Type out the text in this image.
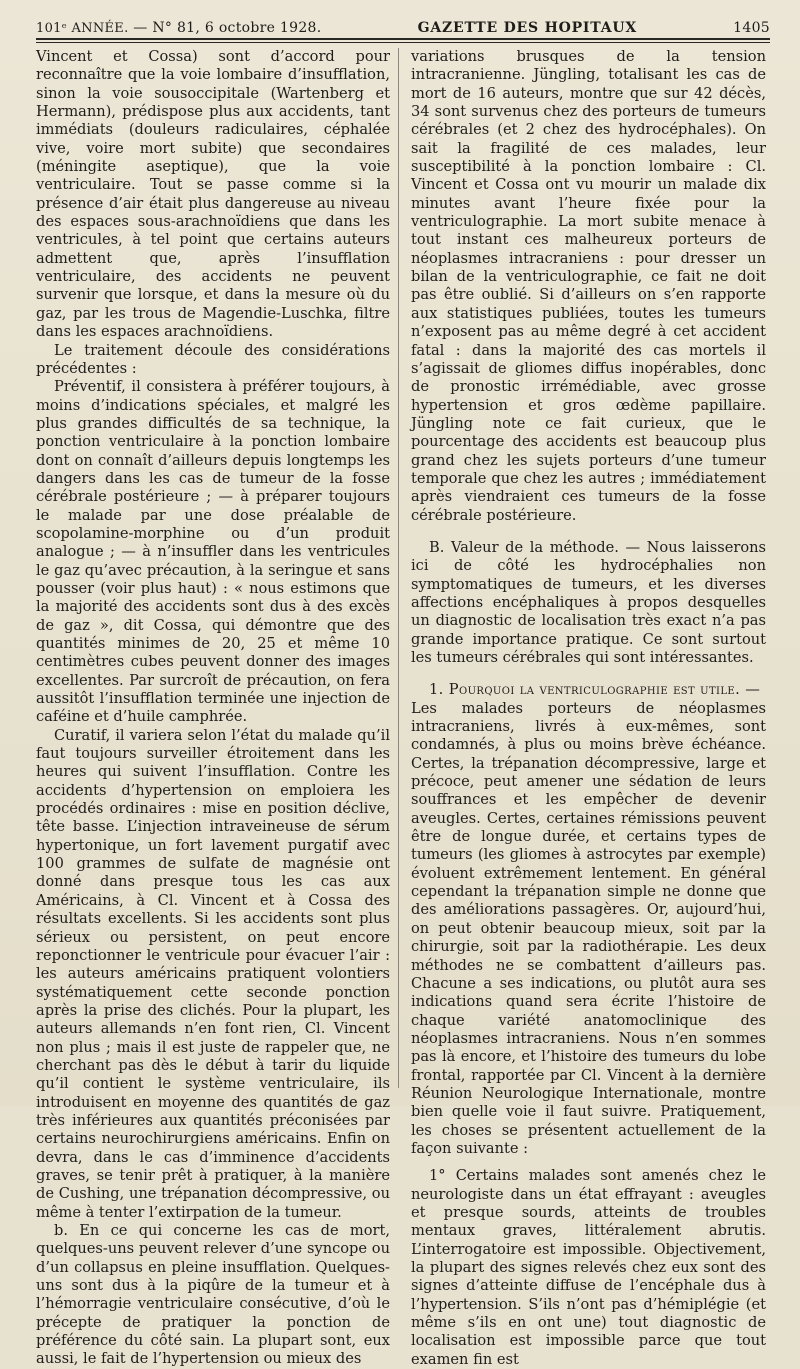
101ᵉ ANNÉE. — N° 81, 6 octobre 1928.	GAZETTE DES HOPITAUX	1405

Vincent et Cossa) sont d’accord pour reconnaître que la voie lombaire d’insufflation, sinon la voie sousoccipitale (Wartenberg et Hermann), prédispose plus aux accidents, tant immédiats (douleurs radiculaires, céphalée vive, voire mort subite) que secondaires (méningite aseptique), que la voie ventriculaire. Tout se passe comme si la présence d’air était plus dangereuse au niveau des espaces sous-arachnoïdiens que dans les ventricules, à tel point que certains auteurs admettent que, après l’insufflation ventriculaire, des accidents ne peuvent survenir que lorsque, et dans la mesure où du gaz, par les trous de Magendie-Luschka, filtre dans les espaces arachnoïdiens.

Le traitement découle des considérations précédentes :

Préventif, il consistera à préférer toujours, à moins d’indications spéciales, et malgré les plus grandes difficultés de sa technique, la ponction ventriculaire à la ponction lombaire dont on connaît d’ailleurs depuis longtemps les dangers dans les cas de tumeur de la fosse cérébrale postérieure ; — à préparer toujours le malade par une dose préalable de scopolamine-morphine ou d’un produit analogue ; — à n’insuffler dans les ventricules le gaz qu’avec précaution, à la seringue et sans pousser (voir plus haut) : « nous estimons que la majorité des accidents sont dus à des excès de gaz », dit Cossa, qui démontre que des quantités minimes de 20, 25 et même 10 centimètres cubes peuvent donner des images excellentes. Par surcroît de précaution, on fera aussitôt l’insufflation terminée une injection de caféine et d’huile camphrée.

Curatif, il variera selon l’état du malade qu’il faut toujours surveiller étroitement dans les heures qui suivent l’insufflation. Contre les accidents d’hypertension on emploiera les procédés ordinaires : mise en position déclive, tête basse. L’injection intraveineuse de sérum hypertonique, un fort lavement purgatif avec 100 grammes de sulfate de magnésie ont donné dans presque tous les cas aux Américains, à Cl. Vincent et à Cossa des résultats excellents. Si les accidents sont plus sérieux ou persistent, on peut encore reponctionner le ventricule pour évacuer l’air : les auteurs américains pratiquent volontiers systématiquement cette seconde ponction après la prise des clichés. Pour la plupart, les auteurs allemands n’en font rien, Cl. Vincent non plus ; mais il est juste de rappeler que, ne cherchant pas dès le début à tarir du liquide qu’il contient le système ventriculaire, ils introduisent en moyenne des quantités de gaz très inférieures aux quantités préconisées par certains neurochirurgiens américains. Enfin on devra, dans le cas d’imminence d’accidents graves, se tenir prêt à pratiquer, à la manière de Cushing, une trépanation décompressive, ou même à tenter l’extirpation de la tumeur.

b. En ce qui concerne les cas de mort, quelques-uns peuvent relever d’une syncope ou d’un collapsus en pleine insufflation. Quelques-uns sont dus à la piqûre de la tumeur et à l’hémorragie ventriculaire consécutive, d’où le précepte de pratiquer la ponction de préférence du côté sain. La plupart sont, eux aussi, le fait de l’hypertension ou mieux des

variations brusques de la tension intracranienne. Jüngling, totalisant les cas de mort de 16 auteurs, montre que sur 42 décès, 34 sont survenus chez des porteurs de tumeurs cérébrales (et 2 chez des hydrocéphales). On sait la fragilité de ces malades, leur susceptibilité à la ponction lombaire : Cl. Vincent et Cossa ont vu mourir un malade dix minutes avant l’heure fixée pour la ventriculographie. La mort subite menace à tout instant ces malheureux porteurs de néoplasmes intracraniens : pour dresser un bilan de la ventriculographie, ce fait ne doit pas être oublié. Si d’ailleurs on s’en rapporte aux statistiques publiées, toutes les tumeurs n’exposent pas au même degré à cet accident fatal : dans la majorité des cas mortels il s’agissait de gliomes diffus inopérables, donc de pronostic irrémédiable, avec grosse hypertension et gros œdème papillaire. Jüngling note ce fait curieux, que le pourcentage des accidents est beaucoup plus grand chez les sujets porteurs d’une tumeur temporale que chez les autres ; immédiatement après viendraient ces tumeurs de la fosse cérébrale postérieure.

B. Valeur de la méthode. — Nous laisserons ici de côté les hydrocéphalies non symptomatiques de tumeurs, et les diverses affections encéphaliques à propos desquelles un diagnostic de localisation très exact n’a pas grande importance pratique. Ce sont surtout les tumeurs cérébrales qui sont intéressantes.

1. Pourquoi la ventriculographie est utile. —

Les malades porteurs de néoplasmes intracraniens, livrés à eux-mêmes, sont condamnés, à plus ou moins brève échéance. Certes, la trépanation décompressive, large et précoce, peut amener une sédation de leurs souffrances et les empêcher de devenir aveugles. Certes, certaines rémissions peuvent être de longue durée, et certains types de tumeurs (les gliomes à astrocytes par exemple) évoluent extrêmement lentement. En général cependant la trépanation simple ne donne que des améliorations passagères. Or, aujourd’hui, on peut obtenir beaucoup mieux, soit par la chirurgie, soit par la radiothérapie. Les deux méthodes ne se combattent d’ailleurs pas. Chacune a ses indications, ou plutôt aura ses indications quand sera écrite l’histoire de chaque variété anatomoclinique des néoplasmes intracraniens. Nous n’en sommes pas là encore, et l’histoire des tumeurs du lobe frontal, rapportée par Cl. Vincent à la dernière Réunion Neurologique Internationale, montre bien quelle voie il faut suivre. Pratiquement, les choses se présentent actuellement de la façon suivante :

1° Certains malades sont amenés chez le neurologiste dans un état effrayant : aveugles et presque sourds, atteints de troubles mentaux graves, littéralement abrutis. L’interrogatoire est impossible. Objectivement, la plupart des signes relevés chez eux sont des signes d’atteinte diffuse de l’encéphale dus à l’hypertension. S’ils n’ont pas d’hémiplégie (et même s’ils en ont une) tout diagnostic de localisation est impossible parce que tout examen fin est
